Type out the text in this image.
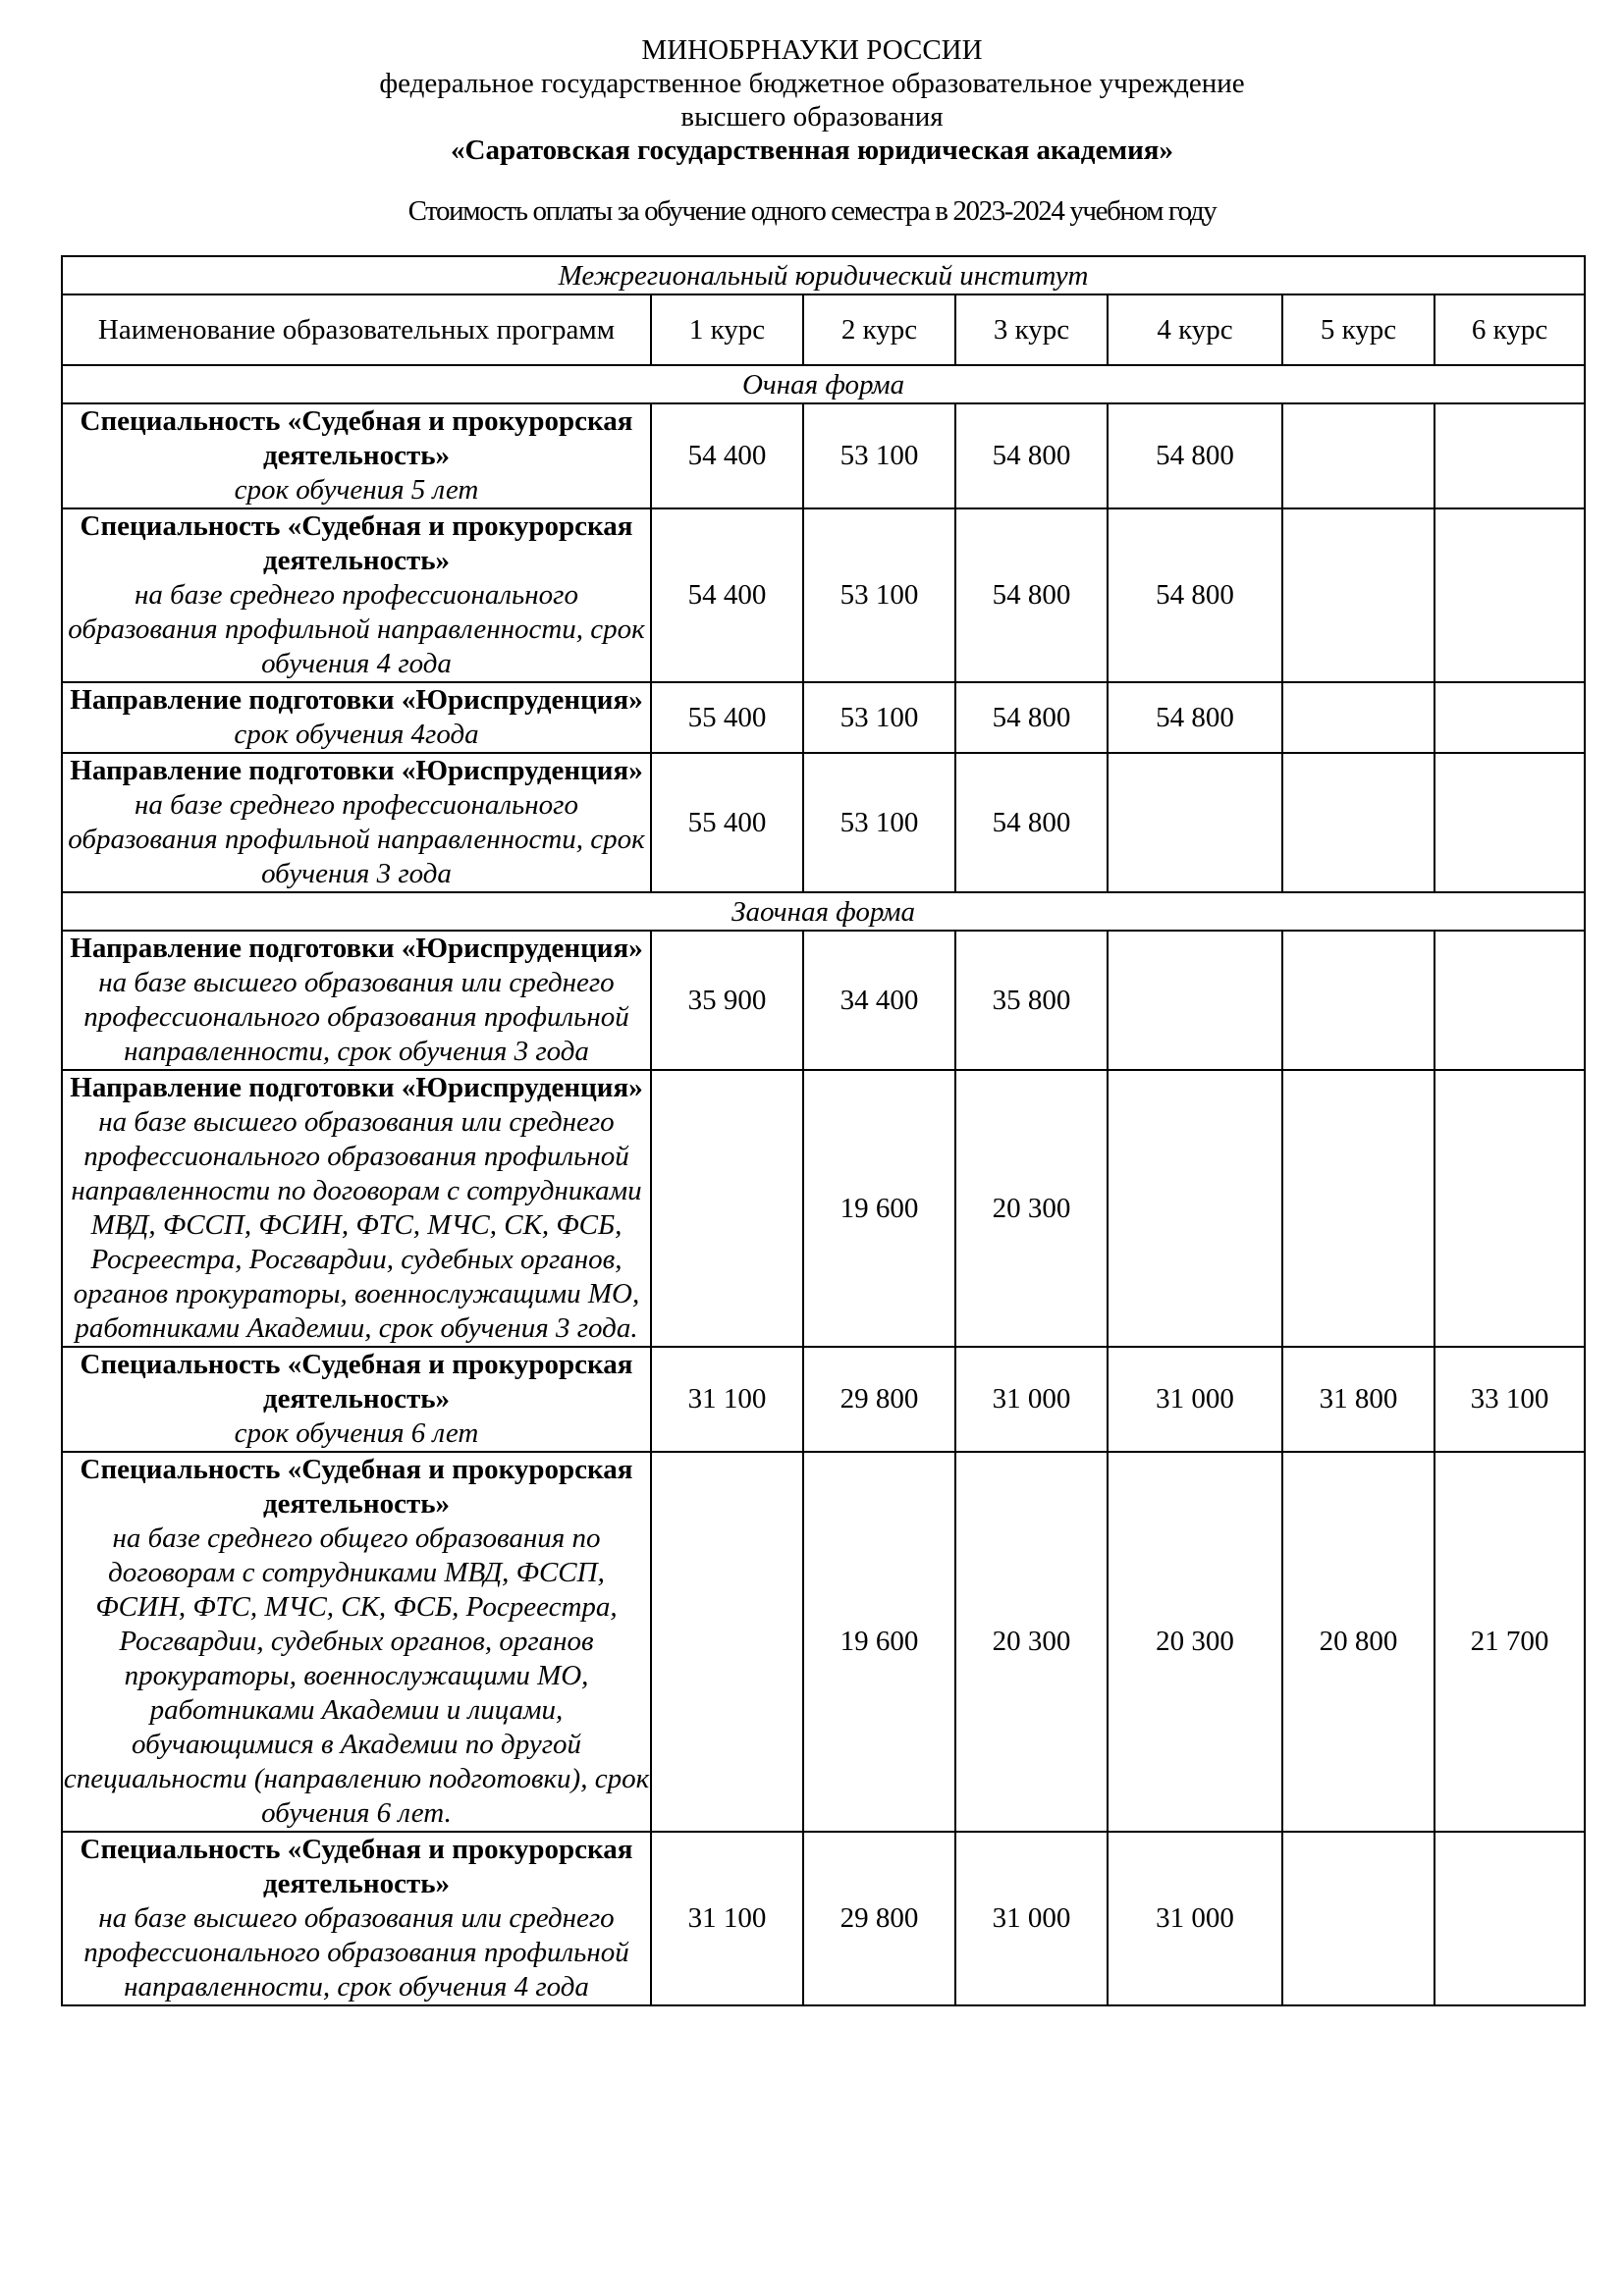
МИНОБРНАУКИ РОССИИ
федеральное государственное бюджетное образовательное учреждение
высшего образования
«Саратовская государственная юридическая академия»
Стоимость оплаты за обучение одного семестра в 2023-2024 учебном году
Межрегиональный юридический институт						
Наименование образовательных программ	1 курс	2 курс	3 курс	4 курс	5 курс	6 курс
Очная форма						

Специальность «Судебная и прокурорская деятельность»
срок обучения 5 лет	54 400	53 100	54 800	54 800		

Специальность «Судебная и прокурорская деятельность»
на базе среднего профессионального образования профильной направленности, срок обучения 4 года	54 400	53 100	54 800	54 800		

Направление подготовки «Юриспруденция»
срок обучения 4года	55 400	53 100	54 800	54 800		

Направление подготовки «Юриспруденция»
на базе среднего профессионального образования профильной направленности, срок обучения 3 года	55 400	53 100	54 800			
Заочная форма						

Направление подготовки «Юриспруденция»
на базе высшего образования или среднего профессионального образования профильной направленности, срок обучения 3 года	35 900	34 400	35 800			

Направление подготовки «Юриспруденция»
на базе высшего образования или среднего профессионального образования профильной направленности по договорам с сотрудниками МВД, ФССП, ФСИН, ФТС, МЧС, СК, ФСБ, Росреестра, Росгвардии, судебных органов, органов прокураторы, военнослужащими МО, работниками Академии, срок обучения 3 года.		19 600	20 300			

Специальность «Судебная и прокурорская деятельность»
срок обучения 6 лет	31 100	29 800	31 000	31 000	31 800	33 100

Специальность «Судебная и прокурорская деятельность»
на базе среднего общего образования по договорам с сотрудниками МВД, ФССП, ФСИН, ФТС, МЧС, СК, ФСБ, Росреестра, Росгвардии, судебных органов, органов прокураторы, военнослужащими МО, работниками Академии и лицами, обучающимися в Академии по другой специальности (направлению подготовки), срок обучения 6 лет.		19 600	20 300	20 300	20 800	21 700

Специальность «Судебная и прокурорская деятельность»
на базе высшего образования или среднего профессионального образования профильной направленности, срок обучения 4 года	31 100	29 800	31 000	31 000		
